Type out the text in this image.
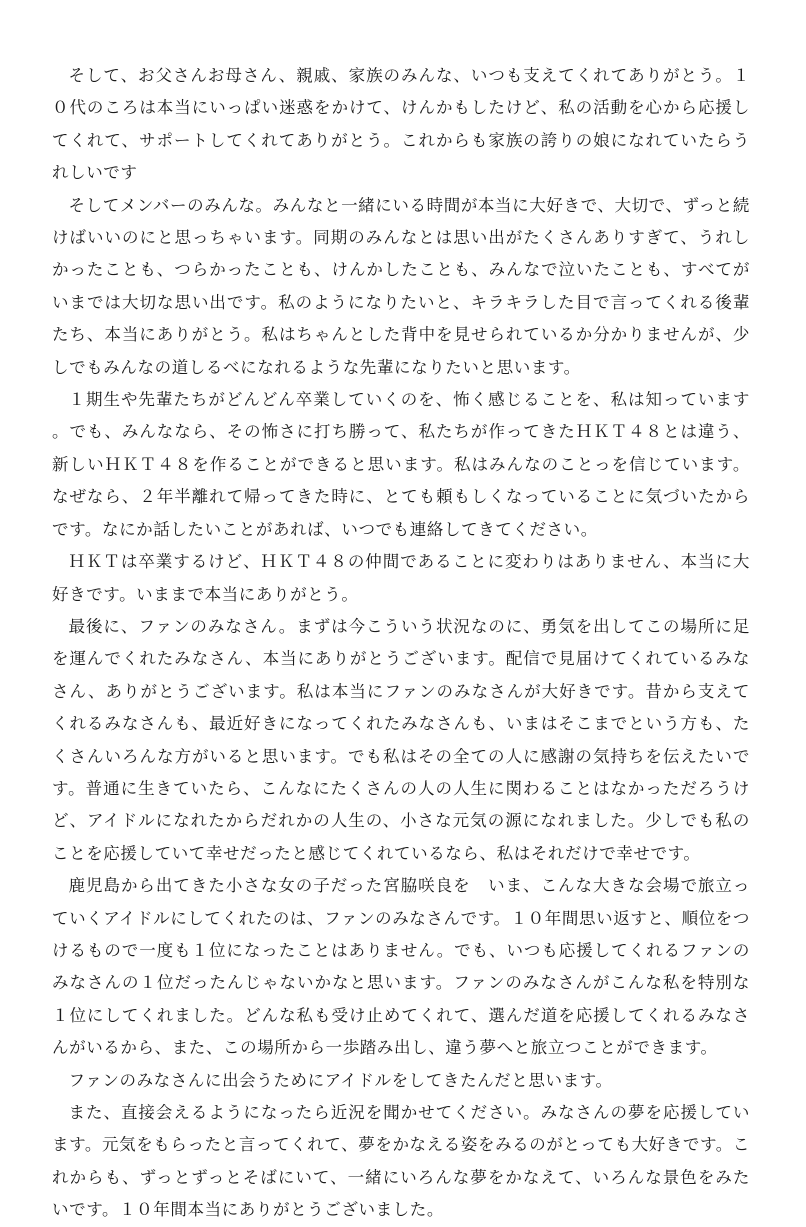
そして、お父さんお母さん、親戚、家族のみんな、いつも支えてくれてありがとう。１０代のころは本当にいっぱい迷惑をかけて、けんかもしたけど、私の活動を心から応援してくれて、サポートしてくれてありがとう。これからも家族の誇りの娘になれていたらうれしいです

そしてメンバーのみんな。みんなと一緒にいる時間が本当に大好きで、大切で、ずっと続けばいいのにと思っちゃいます。同期のみんなとは思い出がたくさんありすぎて、うれしかったことも、つらかったことも、けんかしたことも、みんなで泣いたことも、すべてがいまでは大切な思い出です。私のようになりたいと、キラキラした目で言ってくれる後輩たち、本当にありがとう。私はちゃんとした背中を見せられているか分かりませんが、少しでもみんなの道しるべになれるような先輩になりたいと思います。

１期生や先輩たちがどんどん卒業していくのを、怖く感じることを、私は知っています。でも、みんななら、その怖さに打ち勝って、私たちが作ってきたＨＫＴ４８とは違う、新しいＨＫＴ４８を作ることができると思います。私はみんなのことっを信じています。なぜなら、２年半離れて帰ってきた時に、とても頼もしくなっていることに気づいたからです。なにか話したいことがあれば、いつでも連絡してきてください。

ＨＫＴは卒業するけど、ＨＫＴ４８の仲間であることに変わりはありません、本当に大好きです。いままで本当にありがとう。

最後に、ファンのみなさん。まずは今こういう状況なのに、勇気を出してこの場所に足を運んでくれたみなさん、本当にありがとうございます。配信で見届けてくれているみなさん、ありがとうございます。私は本当にファンのみなさんが大好きです。昔から支えてくれるみなさんも、最近好きになってくれたみなさんも、いまはそこまでという方も、たくさんいろんな方がいると思います。でも私はその全ての人に感謝の気持ちを伝えたいです。普通に生きていたら、こんなにたくさんの人の人生に関わることはなかっただろうけど、アイドルになれたからだれかの人生の、小さな元気の源になれました。少しでも私のことを応援していて幸せだったと感じてくれているなら、私はそれだけで幸せです。

鹿児島から出てきた小さな女の子だった宮脇咲良を　いま、こんな大きな会場で旅立っていくアイドルにしてくれたのは、ファンのみなさんです。１０年間思い返すと、順位をつけるもので一度も１位になったことはありません。でも、いつも応援してくれるファンのみなさんの１位だったんじゃないかなと思います。ファンのみなさんがこんな私を特別な１位にしてくれました。どんな私も受け止めてくれて、選んだ道を応援してくれるみなさんがいるから、また、この場所から一歩踏み出し、違う夢へと旅立つことができます。

ファンのみなさんに出会うためにアイドルをしてきたんだと思います。

また、直接会えるようになったら近況を聞かせてください。みなさんの夢を応援しています。元気をもらったと言ってくれて、夢をかなえる姿をみるのがとっても大好きです。これからも、ずっとずっとそばにいて、一緒にいろんな夢をかなえて、いろんな景色をみたいです。１０年間本当にありがとうございました。
